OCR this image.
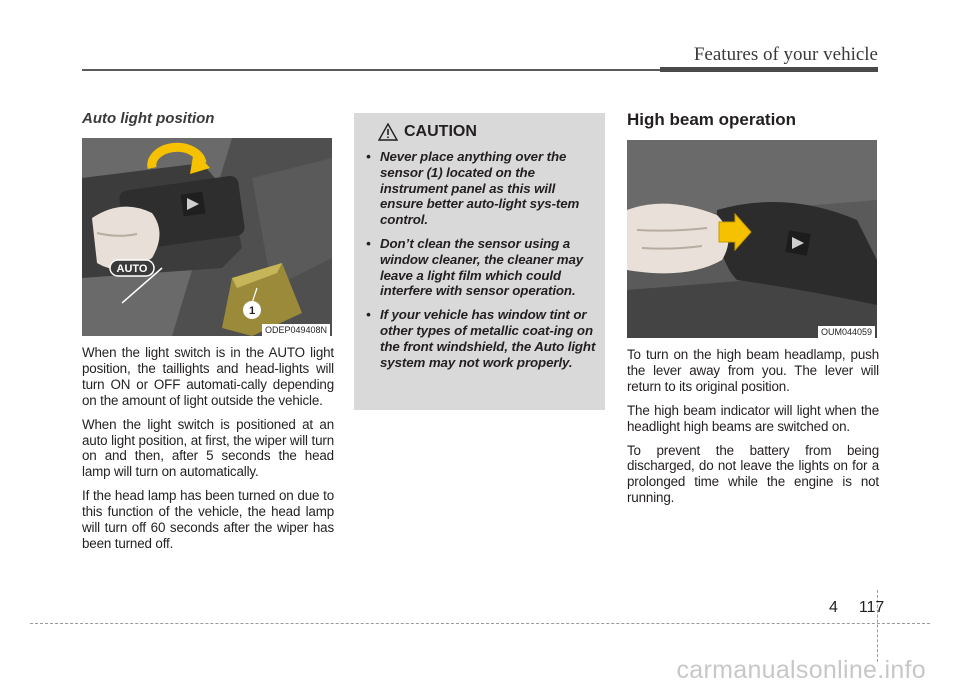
Features of your vehicle

Auto light position

AUTO
1
ODEP049408N

When the light switch is in the AUTO light position, the taillights and head-lights will turn ON or OFF automati-cally depending on the amount of light outside the vehicle.

When the light switch is positioned at an auto light position, at first, the wiper will turn on and then, after 5 seconds the head lamp will turn on automatically.

If the head lamp has been turned on due to this function of the vehicle, the head lamp will turn off 60 seconds after the wiper has been turned off.

CAUTION
• Never place anything over the sensor (1) located on the instrument panel as this will ensure better auto-light sys-tem control.
• Don’t clean the sensor using a window cleaner, the cleaner may leave a light film which could interfere with sensor operation.
• If your vehicle has window tint or other types of metallic coat-ing on the front windshield, the Auto light system may not work properly.

High beam operation

OUM044059

To turn on the high beam headlamp, push the lever away from you. The lever will return to its original position.

The high beam indicator will light when the headlight high beams are switched on.

To prevent the battery from being discharged, do not leave the lights on for a prolonged time while the engine is not running.

4 117
carmanualsonline.info
